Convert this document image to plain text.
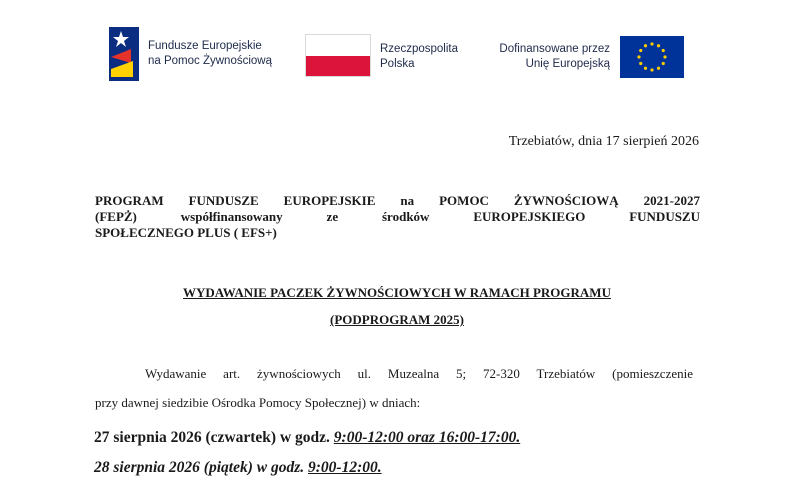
Fundusze Europejskie
na Pomoc Żywnościową
Rzeczpospolita
Polska
Dofinansowane przez
Unię Europejską
Trzebiatów, dnia 17 sierpień 2026
PROGRAM FUNDUSZE EUROPEJSKIE na POMOC ŻYWNOŚCIOWĄ 2021-2027
(FEPŻ) współfinansowany ze środków EUROPEJSKIEGO FUNDUSZU
SPOŁECZNEGO PLUS ( EFS+)
WYDAWANIE PACZEK ŻYWNOŚCIOWYCH W RAMACH PROGRAMU
(PODPROGRAM 2025)
Wydawanie art. żywnościowych ul. Muzealna 5; 72-320 Trzebiatów (pomieszczenie
przy dawnej siedzibie Ośrodka Pomocy Społecznej) w dniach:
27 sierpnia 2026 (czwartek) w godz. 9:00-12:00 oraz 16:00-17:00.
28 sierpnia 2026 (piątek) w godz. 9:00-12:00.
